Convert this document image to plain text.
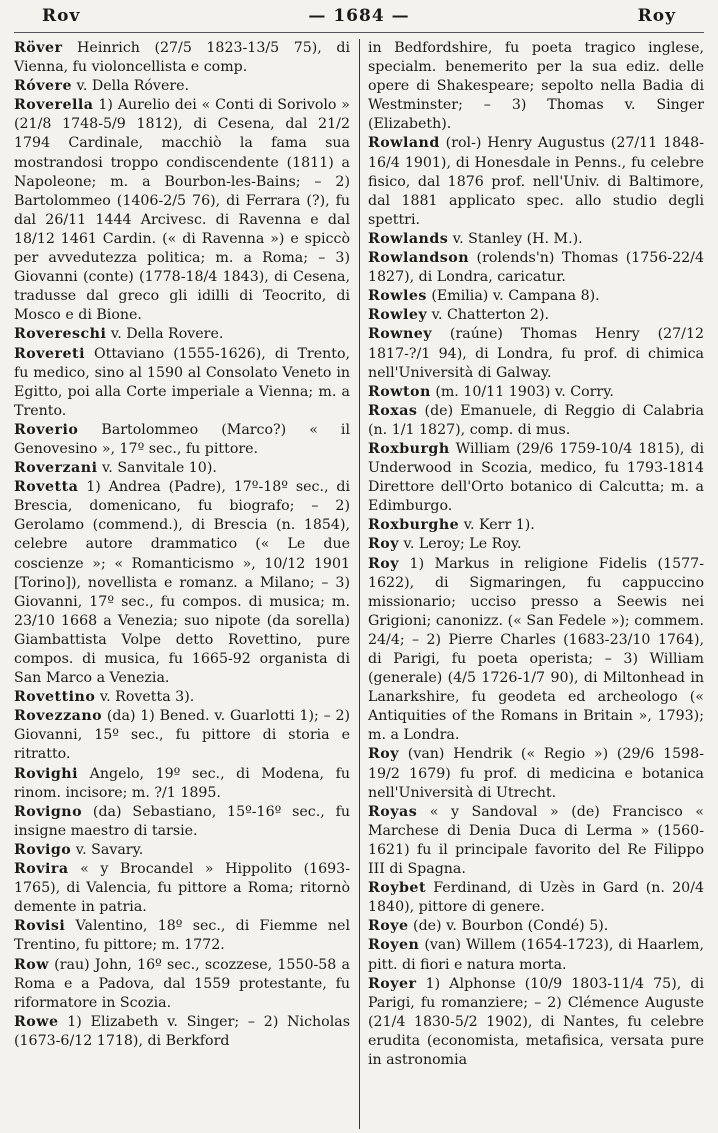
Rov	— 1684 —	Roy

Röver Heinrich (27/5 1823-13/5 75), di Vienna, fu violoncellista e comp.

Róvere v. Della Róvere.

Roverella 1) Aurelio dei « Conti di Sorivolo » (21/8 1748-5/9 1812), di Cesena, dal 21/2 1794 Cardinale, macchiò la fama sua mostrandosi troppo condiscendente (1811) a Napoleone; m. a Bourbon-les-Bains; – 2) Bartolommeo (1406-2/5 76), di Ferrara (?), fu dal 26/11 1444 Arcivesc. di Ravenna e dal 18/12 1461 Cardin. (« di Ravenna ») e spiccò per avvedutezza politica; m. a Roma; – 3) Giovanni (conte) (1778-18/4 1843), di Cesena, tradusse dal greco gli idilli di Teocrito, di Mosco e di Bione.

Rovereschi v. Della Rovere.

Rovereti Ottaviano (1555-1626), di Trento, fu medico, sino al 1590 al Consolato Veneto in Egitto, poi alla Corte imperiale a Vienna; m. a Trento.

Roverio Bartolommeo (Marco?) « il Genovesino », 17º sec., fu pittore.

Roverzani v. Sanvitale 10).

Rovetta 1) Andrea (Padre), 17º-18º sec., di Brescia, domenicano, fu biografo; – 2) Gerolamo (commend.), di Brescia (n. 1854), celebre autore drammatico (« Le due coscienze »; « Romanticismo », 10/12 1901 [Torino]), novellista e romanz. a Milano; – 3) Giovanni, 17º sec., fu compos. di musica; m. 23/10 1668 a Venezia; suo nipote (da sorella) Giambattista Volpe detto Rovettino, pure compos. di musica, fu 1665-92 organista di San Marco a Venezia.

Rovettino v. Rovetta 3).

Rovezzano (da) 1) Bened. v. Guarlotti 1); – 2) Giovanni, 15º sec., fu pittore di storia e ritratto.

Rovighi Angelo, 19º sec., di Modena, fu rinom. incisore; m. ?/1 1895.

Rovigno (da) Sebastiano, 15º-16º sec., fu insigne maestro di tarsie.

Rovigo v. Savary.

Rovira « y Brocandel » Hippolito (1693-1765), di Valencia, fu pittore a Roma; ritornò demente in patria.

Rovisi Valentino, 18º sec., di Fiemme nel Trentino, fu pittore; m. 1772.

Row (rau) John, 16º sec., scozzese, 1550-58 a Roma e a Padova, dal 1559 protestante, fu riformatore in Scozia.

Rowe 1) Elizabeth v. Singer; – 2) Nicholas (1673-6/12 1718), di Berkford

in Bedfordshire, fu poeta tragico inglese, specialm. benemerito per la sua ediz. delle opere di Shakespeare; sepolto nella Badia di Westminster; – 3) Thomas v. Singer (Elizabeth).

Rowland (rol-) Henry Augustus (27/11 1848-16/4 1901), di Honesdale in Penns., fu celebre fisico, dal 1876 prof. nell'Univ. di Baltimore, dal 1881 applicato spec. allo studio degli spettri.

Rowlands v. Stanley (H. M.).

Rowlandson (rolends'n) Thomas (1756-22/4 1827), di Londra, caricatur.

Rowles (Emilia) v. Campana 8).

Rowley v. Chatterton 2).

Rowney (raúne) Thomas Henry (27/12 1817-?/1 94), di Londra, fu prof. di chimica nell'Università di Galway.

Rowton (m. 10/11 1903) v. Corry.

Roxas (de) Emanuele, di Reggio di Calabria (n. 1/1 1827), comp. di mus.

Roxburgh William (29/6 1759-10/4 1815), di Underwood in Scozia, medico, fu 1793-1814 Direttore dell'Orto botanico di Calcutta; m. a Edimburgo.

Roxburghe v. Kerr 1).

Roy v. Leroy; Le Roy.

Roy 1) Markus in religione Fidelis (1577-1622), di Sigmaringen, fu cappuccino missionario; ucciso presso a Seewis nei Grigioni; canonizz. (« San Fedele »); commem. 24/4; – 2) Pierre Charles (1683-23/10 1764), di Parigi, fu poeta operista; – 3) William (generale) (4/5 1726-1/7 90), di Miltonhead in Lanarkshire, fu geodeta ed archeologo (« Antiquities of the Romans in Britain », 1793); m. a Londra.

Roy (van) Hendrik (« Regio ») (29/6 1598-19/2 1679) fu prof. di medicina e botanica nell'Università di Utrecht.

Royas « y Sandoval » (de) Francisco « Marchese di Denia Duca di Lerma » (1560-1621) fu il principale favorito del Re Filippo III di Spagna.

Roybet Ferdinand, di Uzès in Gard (n. 20/4 1840), pittore di genere.

Roye (de) v. Bourbon (Condé) 5).

Royen (van) Willem (1654-1723), di Haarlem, pitt. di fiori e natura morta.

Royer 1) Alphonse (10/9 1803-11/4 75), di Parigi, fu romanziere; – 2) Clémence Auguste (21/4 1830-5/2 1902), di Nantes, fu celebre erudita (economista, metafisica, versata pure in astronomia
